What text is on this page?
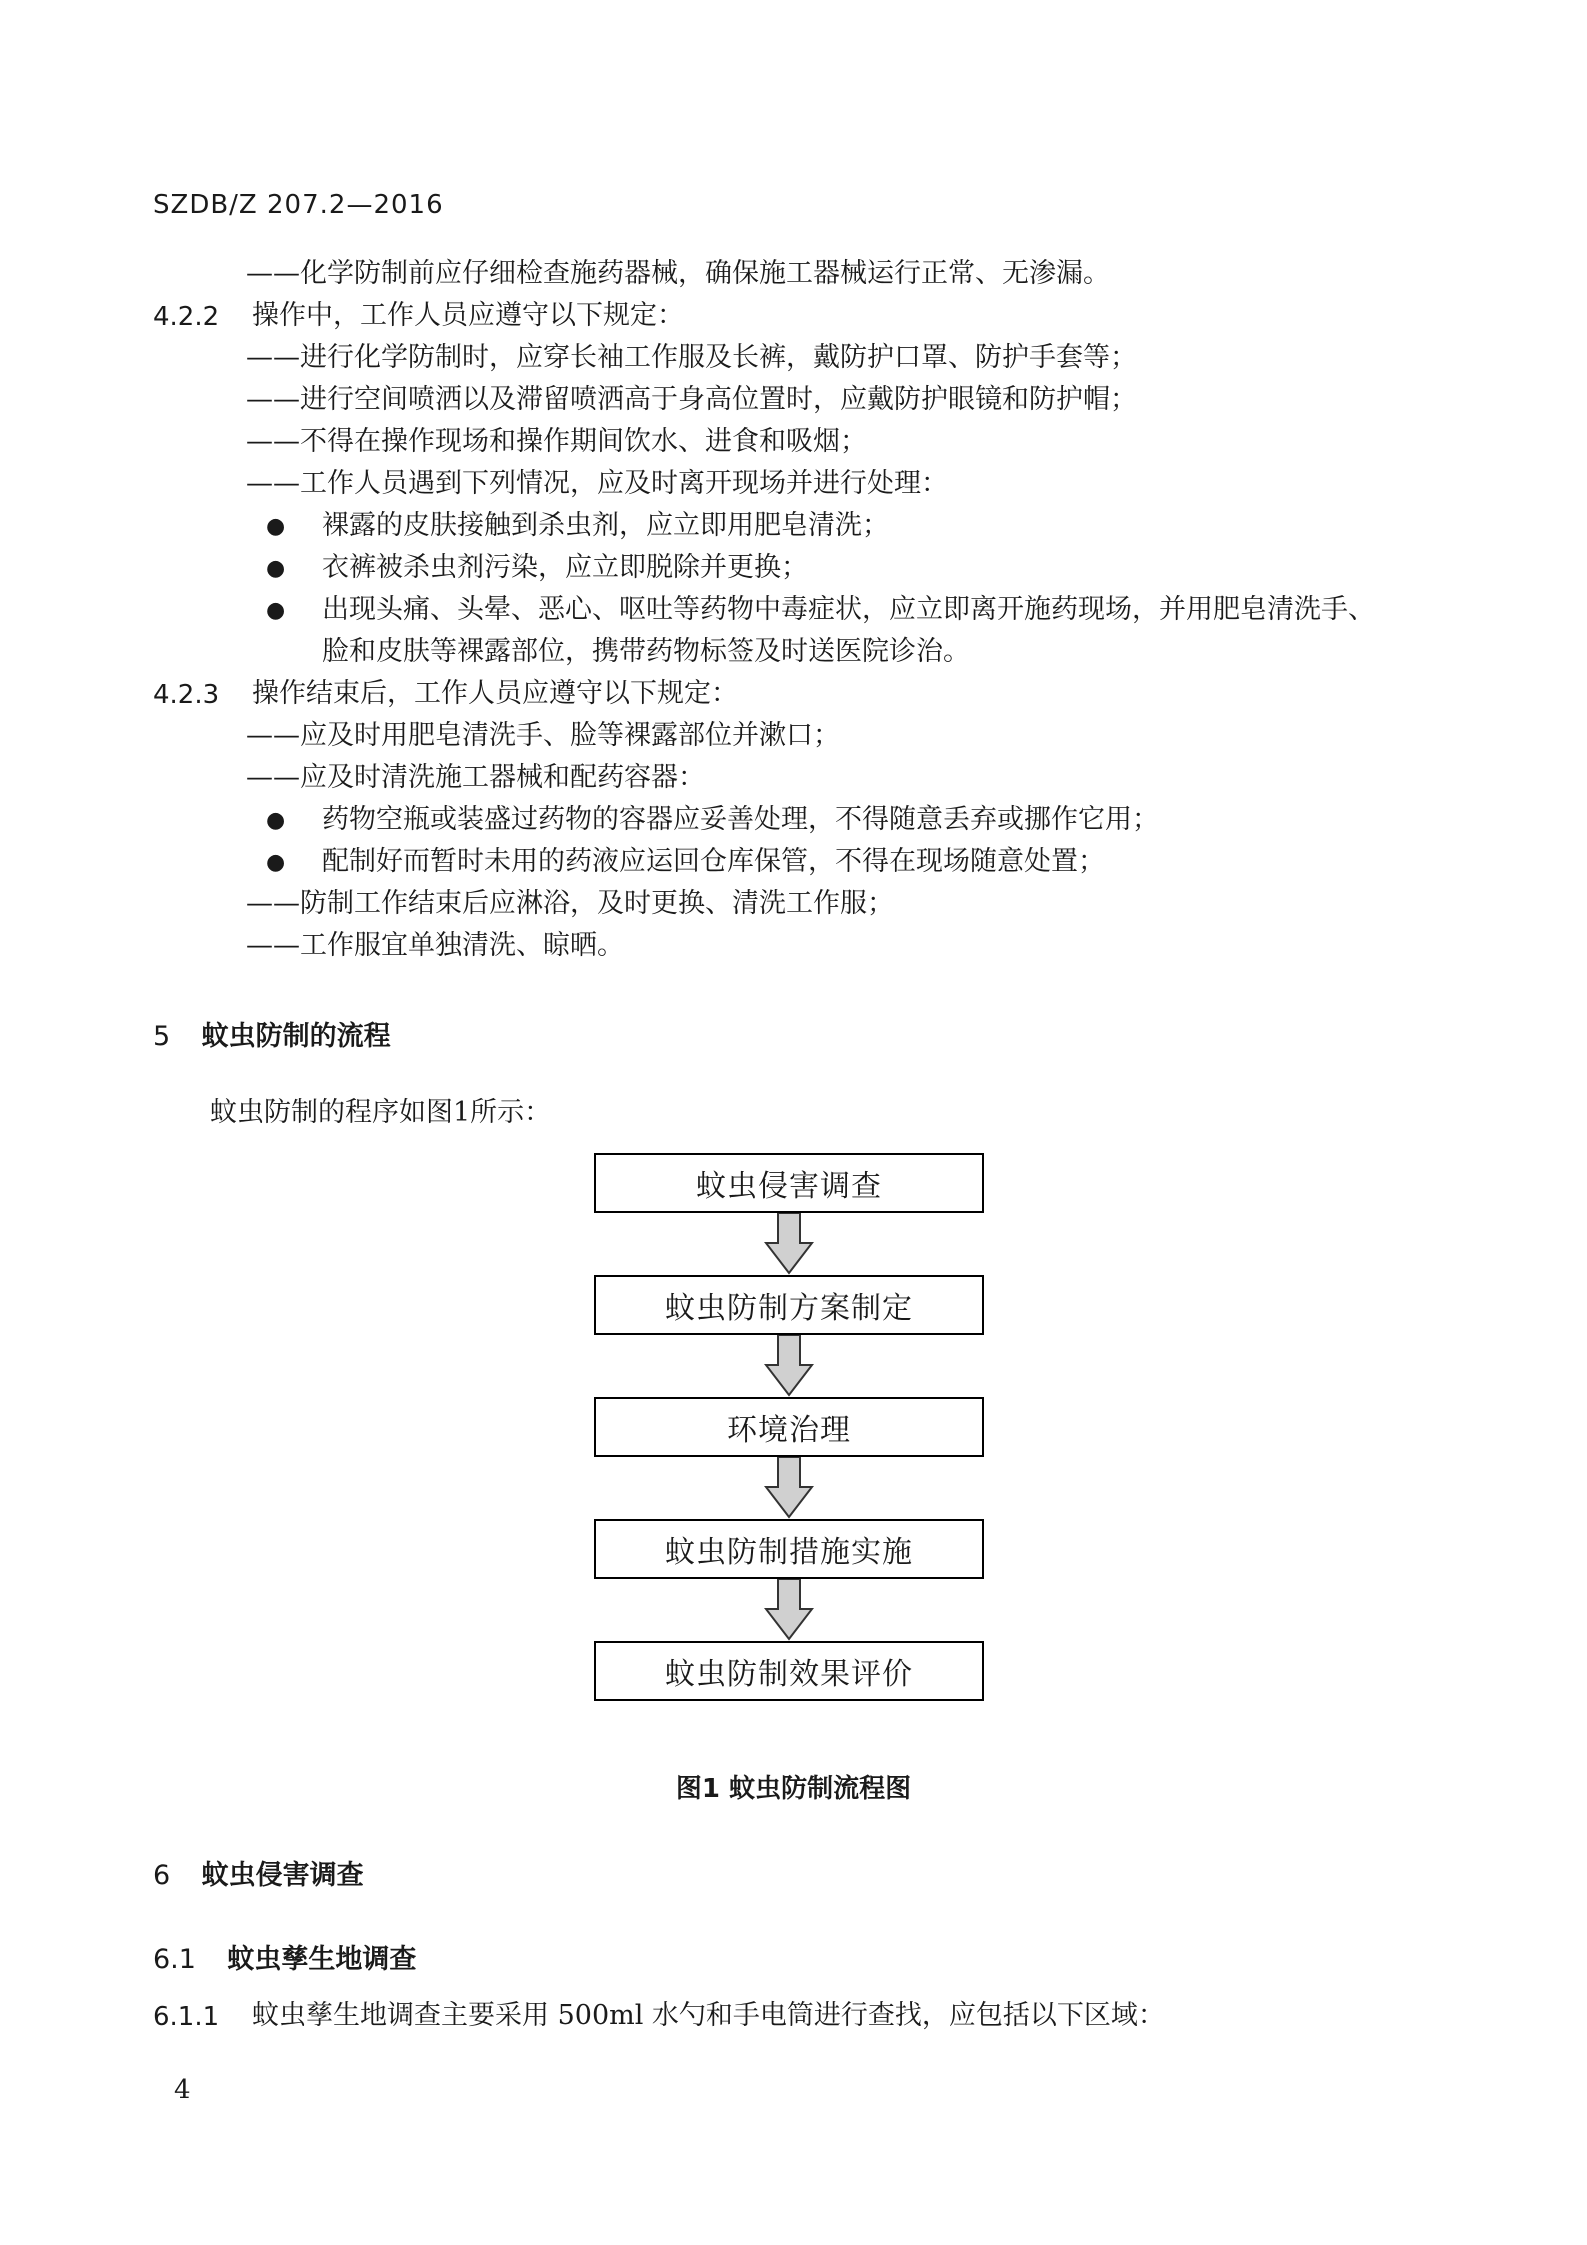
SZDB/Z 207.2—2016
——化学防制前应仔细检查施药器械，确保施工器械运行正常、无渗漏。
4.2.2 操作中，工作人员应遵守以下规定：
——进行化学防制时，应穿长袖工作服及长裤，戴防护口罩、防护手套等；
——进行空间喷洒以及滞留喷洒高于身高位置时，应戴防护眼镜和防护帽；
——不得在操作现场和操作期间饮水、进食和吸烟；
——工作人员遇到下列情况，应及时离开现场并进行处理：
● 裸露的皮肤接触到杀虫剂，应立即用肥皂清洗；
● 衣裤被杀虫剂污染，应立即脱除并更换；
● 出现头痛、头晕、恶心、呕吐等药物中毒症状，应立即离开施药现场，并用肥皂清洗手、
脸和皮肤等裸露部位，携带药物标签及时送医院诊治。
4.2.3 操作结束后，工作人员应遵守以下规定：
——应及时用肥皂清洗手、脸等裸露部位并漱口；
——应及时清洗施工器械和配药容器：
● 药物空瓶或装盛过药物的容器应妥善处理，不得随意丢弃或挪作它用；
● 配制好而暂时未用的药液应运回仓库保管，不得在现场随意处置；
——防制工作结束后应淋浴，及时更换、清洗工作服；
——工作服宜单独清洗、晾晒。
5 蚊虫防制的流程
蚊虫防制的程序如图1所示：
蚊虫侵害调查
蚊虫防制方案制定
环境治理
蚊虫防制措施实施
蚊虫防制效果评价
图1 蚊虫防制流程图
6 蚊虫侵害调查
6.1 蚊虫孳生地调查
6.1.1 蚊虫孳生地调查主要采用 500ml 水勺和手电筒进行查找，应包括以下区域：
4
